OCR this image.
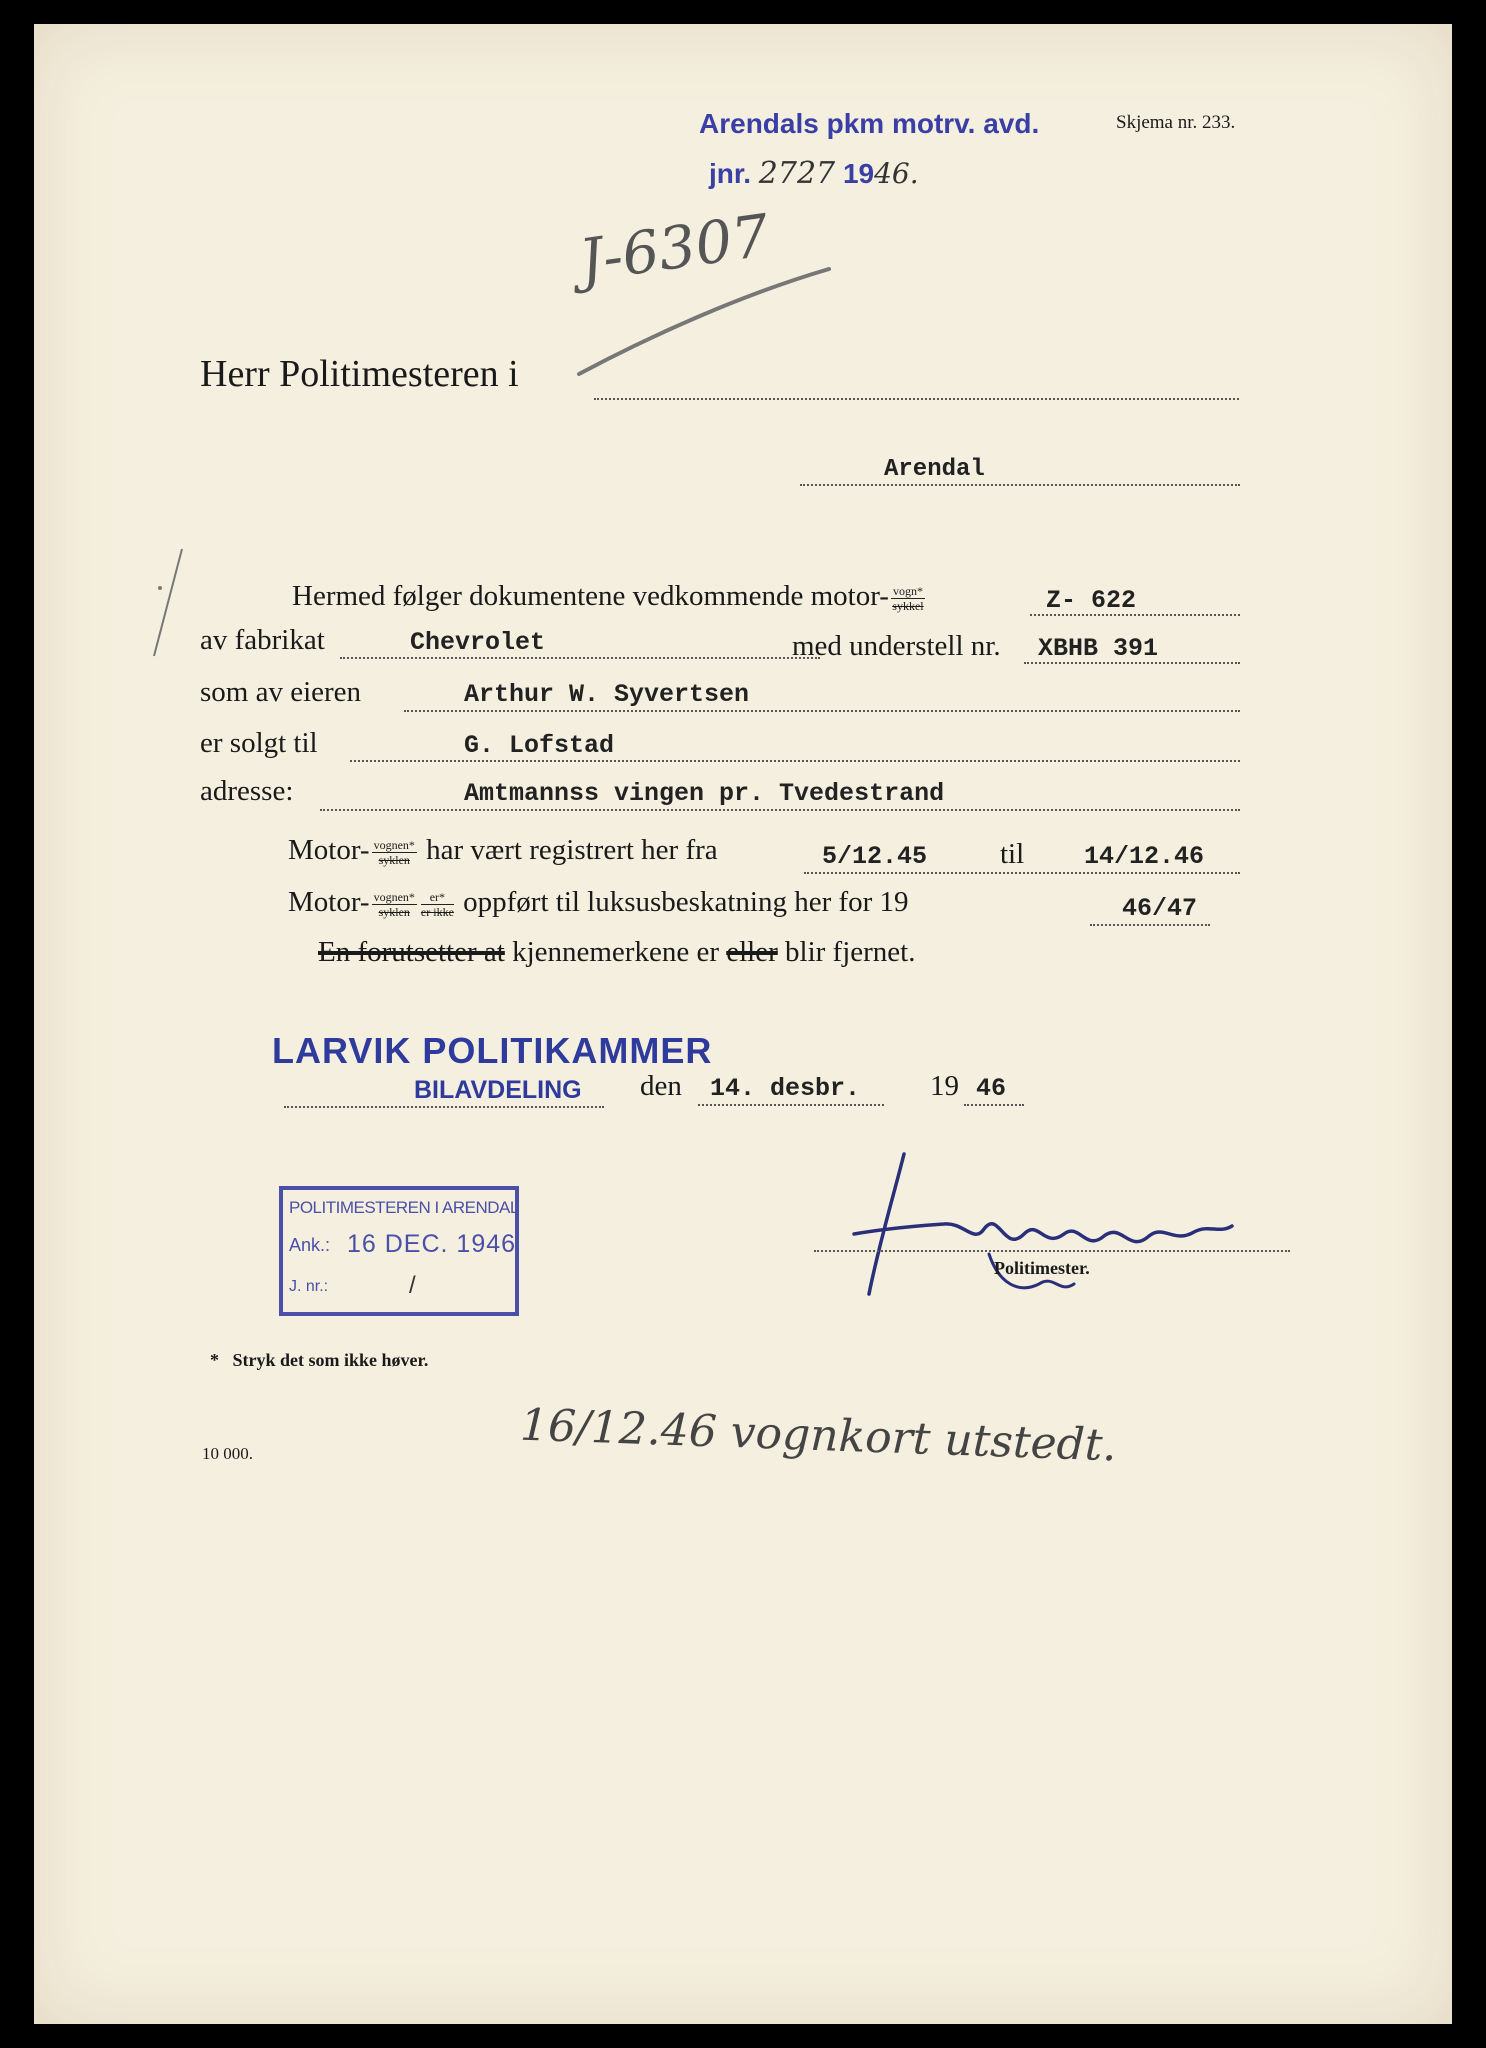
Arendals pkm motrv. avd.
jnr. 2727 1946.
Skjema nr. 233.
J-6307
Herr Politimesteren i
Arendal
Hermed følger dokumentene vedkommende motor- $\frac{\text{vogn*}}{\text{sykkel}}$	Z- 622
av fabrikat	Chevrolet	med understell nr. XBHB 391
som av eieren	Arthur W. Syvertsen
er solgt til	G. Lofstad
adresse:	Amtmannss vingen pr. Tvedestrand
Motor- $\frac{\text{vognen*}}{\text{syklen}}$ har vært registrert her fra	5/12.45	til 14/12.46
Motor- $\frac{\text{vognen*}}{\text{syklen}} \frac{er*}{\text{er ikke}}$ oppført til luksusbeskatning her for 19	46/47
En forutsetter at kjennemerkene er eller blir fjernet.
LARVIK POLITIKAMMER
BILAVDELING den 14. desbr. 19 46
POLITIMESTEREN I ARENDAL
Ank.: 16 DEC. 1946
J. nr.:	/
Politimester.
* Stryk det som ikke høver.
16/12.46 vognkort utstedt.
10 000.
